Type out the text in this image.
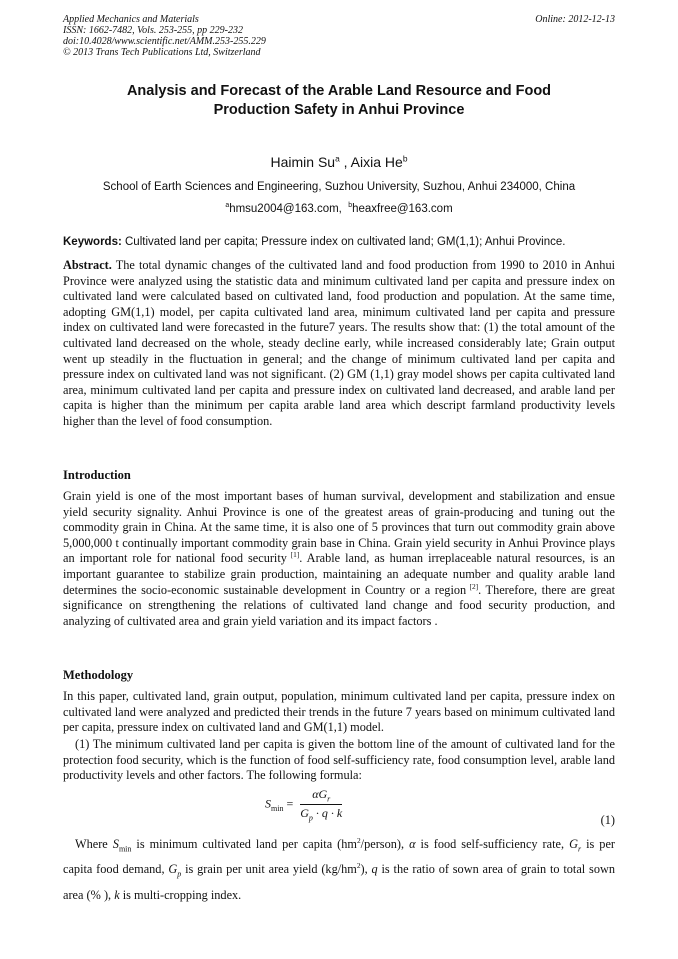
Applied Mechanics and Materials
ISSN: 1662-7482, Vols. 253-255, pp 229-232
doi:10.4028/www.scientific.net/AMM.253-255.229
© 2013 Trans Tech Publications Ltd, Switzerland
Online: 2012-12-13
Analysis and Forecast of the Arable Land Resource and Food
Production Safety in Anhui Province
Haimin Su$^a$ , Aixia He$^b$
School of Earth Sciences and Engineering, Suzhou University, Suzhou, Anhui 234000, China
$^a$hmsu2004@163.com, $^b$heaxfree@163.com
Keywords: Cultivated land per capita; Pressure index on cultivated land; GM(1,1); Anhui Province.
Abstract. The total dynamic changes of the cultivated land and food production from 1990 to 2010 in Anhui Province were analyzed using the statistic data and minimum cultivated land per capita and pressure index on cultivated land were calculated based on cultivated land, food production and population. At the same time, adopting GM(1,1) model, per capita cultivated land area, minimum cultivated land per capita and pressure index on cultivated land were forecasted in the future7 years. The results show that: (1) the total amount of the cultivated land decreased on the whole, steady decline early, while increased considerably late; Grain output went up steadily in the fluctuation in general; and the change of minimum cultivated land per capita and pressure index on cultivated land was not significant. (2) GM (1,1) gray model shows per capita cultivated land area, minimum cultivated land per capita and pressure index on cultivated land decreased, and arable land per capita is higher than the minimum per capita arable land area which descript farmland productivity levels higher than the level of food consumption.
Introduction
Grain yield is one of the most important bases of human survival, development and stabilization and ensue yield security signality. Anhui Province is one of the greatest areas of grain-producing and tuning out the commodity grain in China. At the same time, it is also one of 5 provinces that turn out commodity grain above 5,000,000 t continually important commodity grain base in China. Grain yield security in Anhui Province plays an important role for national food security [1]. Arable land, as human irreplaceable natural resources, is an important guarantee to stabilize grain production, maintaining an adequate number and quality arable land determines the socio-economic sustainable development in Country or a region [2]. Therefore, there are great significance on strengthening the relations of cultivated land change and food security production, and analyzing of cultivated area and grain yield variation and its impact factors .
Methodology
In this paper, cultivated land, grain output, population, minimum cultivated land per capita, pressure index on cultivated land were analyzed and predicted their trends in the future 7 years based on minimum cultivated land per capita, pressure index on cultivated land and GM(1,1) model.
(1) The minimum cultivated land per capita is given the bottom line of the amount of cultivated land for the protection food security, which is the function of food self-sufficiency rate, food consumption level, arable land productivity levels and other factors. The following formula:
$S_{min} = \frac{\alpha G_r}{G_p \cdot q \cdot k}$	(1)
Where $S_{min}$ is minimum cultivated land per capita $(hm^2/person)$, α is food self-sufficiency rate, $G_r$ is per capita food demand, $G_p$ is grain per unit area yield $(kg/hm^2)$, q is the ratio of sown area of grain to total sown area (% ), k is multi-cropping index.
